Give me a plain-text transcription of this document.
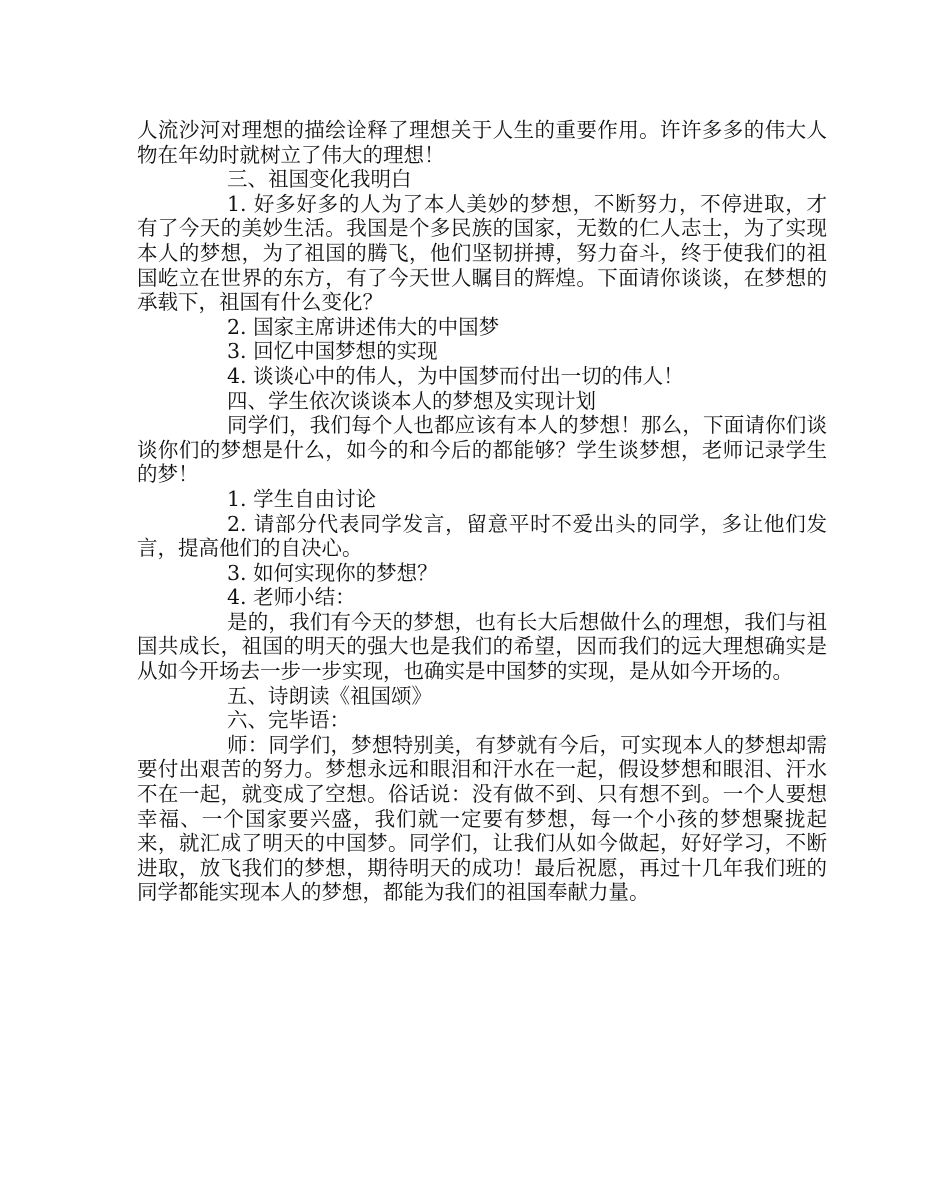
人流沙河对理想的描绘诠释了理想关于人生的重要作用。许许多多的伟大人物在年幼时就树立了伟大的理想！

三、祖国变化我明白

1. 好多好多的人为了本人美妙的梦想，不断努力，不停进取，才有了今天的美妙生活。我国是个多民族的国家，无数的仁人志士，为了实现本人的梦想，为了祖国的腾飞，他们坚韧拼搏，努力奋斗，终于使我们的祖国屹立在世界的东方，有了今天世人瞩目的辉煌。下面请你谈谈，在梦想的承载下，祖国有什么变化？

2. 国家主席讲述伟大的中国梦

3. 回忆中国梦想的实现

4. 谈谈心中的伟人，为中国梦而付出一切的伟人！

四、学生依次谈谈本人的梦想及实现计划

同学们，我们每个人也都应该有本人的梦想！那么，下面请你们谈谈你们的梦想是什么，如今的和今后的都能够？学生谈梦想，老师记录学生的梦！

1. 学生自由讨论

2. 请部分代表同学发言，留意平时不爱出头的同学，多让他们发言，提高他们的自决心。

3. 如何实现你的梦想？

4. 老师小结：

是的，我们有今天的梦想，也有长大后想做什么的理想，我们与祖国共成长，祖国的明天的强大也是我们的希望，因而我们的远大理想确实是从如今开场去一步一步实现，也确实是中国梦的实现，是从如今开场的。

五、诗朗读《祖国颂》

六、完毕语：

师：同学们，梦想特别美，有梦就有今后，可实现本人的梦想却需要付出艰苦的努力。梦想永远和眼泪和汗水在一起，假设梦想和眼泪、汗水不在一起，就变成了空想。俗话说：没有做不到、只有想不到。一个人要想幸福、一个国家要兴盛，我们就一定要有梦想，每一个小孩的梦想聚拢起来，就汇成了明天的中国梦。同学们，让我们从如今做起，好好学习，不断进取，放飞我们的梦想，期待明天的成功！最后祝愿，再过十几年我们班的同学都能实现本人的梦想，都能为我们的祖国奉献力量。
